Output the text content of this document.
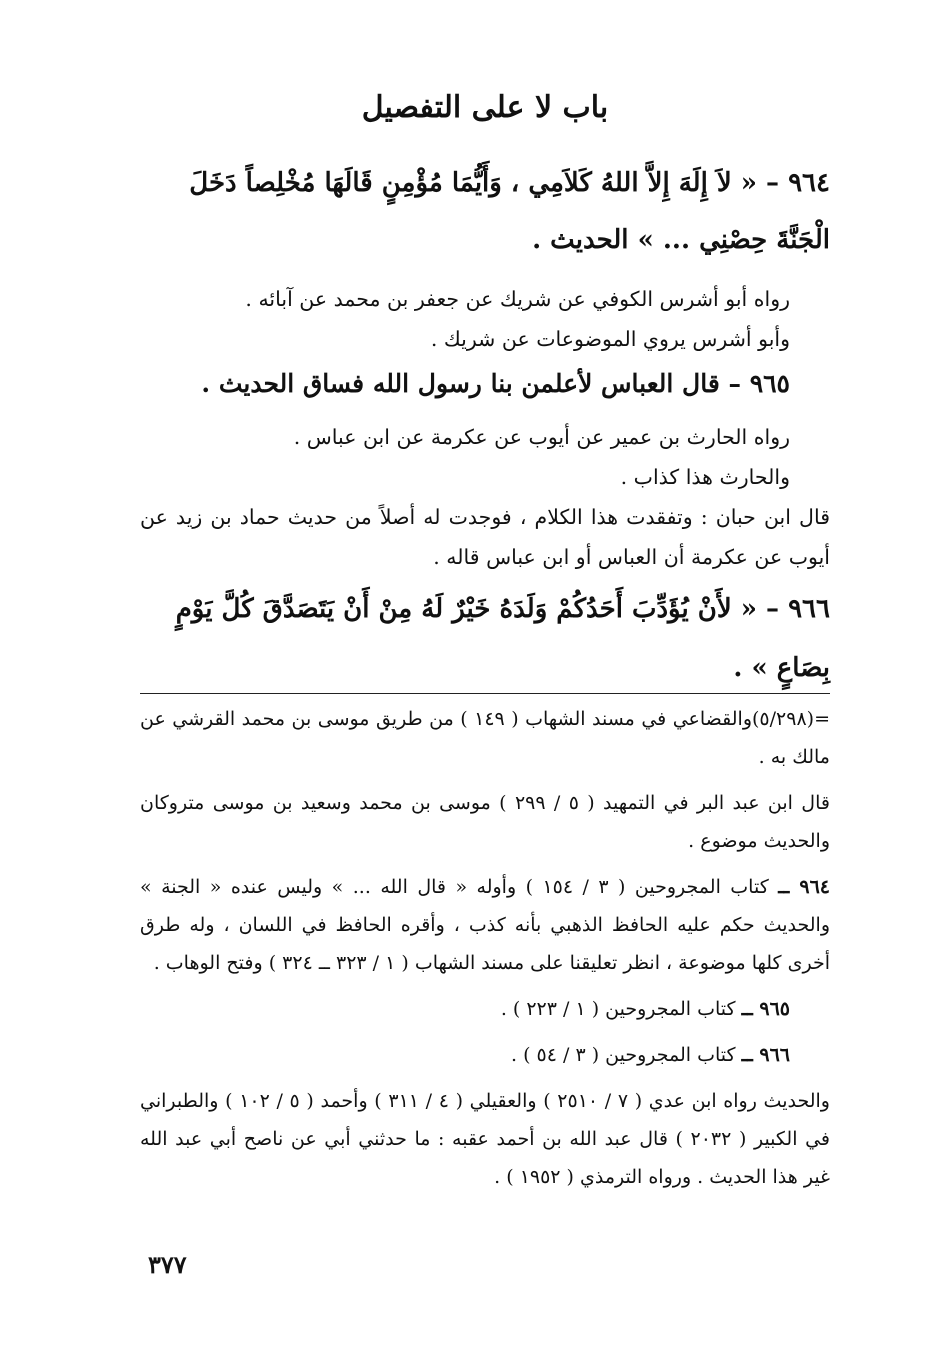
باب لا على التفصيل

٩٦٤ – « لاَ إِلَهَ إِلاَّ اللهُ كَلاَمِي ، وَأَيُّمَا مُؤْمِنٍ قَالَهَا مُخْلِصاً دَخَلَ

الْجَنَّةَ حِصْنِي ... » الحديث .

رواه أبو أشرس الكوفي عن شريك عن جعفر بن محمد عن آبائه .

وأبو أشرس يروي الموضوعات عن شريك .

٩٦٥ – قال العباس لأعلمن بنا رسول الله فساق الحديث .

رواه الحارث بن عمير عن أيوب عن عكرمة عن ابن عباس .

والحارث هذا كذاب .

قال ابن حبان : وتفقدت هذا الكلام ، فوجدت له أصلاً من حديث حماد بن زيد عن أيوب عن عكرمة أن العباس أو ابن عباس قاله .

٩٦٦ – « لأَنْ يُؤَدِّبَ أَحَدُكُمْ وَلَدَهُ خَيْرٌ لَهُ مِنْ أَنْ يَتَصَدَّقَ كُلَّ يَوْمٍ

بِصَاعٍ » .

=(٥/٢٩٨)والقضاعي في مسند الشهاب ( ١٤٩ ) من طريق موسى بن محمد القرشي عن مالك به .

قال ابن عبد البر في التمهيد ( ٥ / ٢٩٩ ) موسى بن محمد وسعيد بن موسى متروكان والحديث موضوع .

٩٦٤ ــ كتاب المجروحين ( ٣ / ١٥٤ ) وأوله « قال الله ... » وليس عنده « الجنة » والحديث حكم عليه الحافظ الذهبي بأنه كذب ، وأقره الحافظ في اللسان ، وله طرق أخرى كلها موضوعة ، انظر تعليقنا على مسند الشهاب ( ١ / ٣٢٣ ــ ٣٢٤ ) وفتح الوهاب .

٩٦٥ ــ كتاب المجروحين ( ١ / ٢٢٣ ) .

٩٦٦ ــ كتاب المجروحين ( ٣ / ٥٤ ) .

والحديث رواه ابن عدي ( ٧ / ٢٥١٠ ) والعقيلي ( ٤ / ٣١١ ) وأحمد ( ٥ / ١٠٢ ) والطبراني في الكبير ( ٢٠٣٢ ) قال عبد الله بن أحمد عقبه : ما حدثني أبي عن ناصح أبي عبد الله غير هذا الحديث . ورواه الترمذي ( ١٩٥٢ ) .

٣٧٧
